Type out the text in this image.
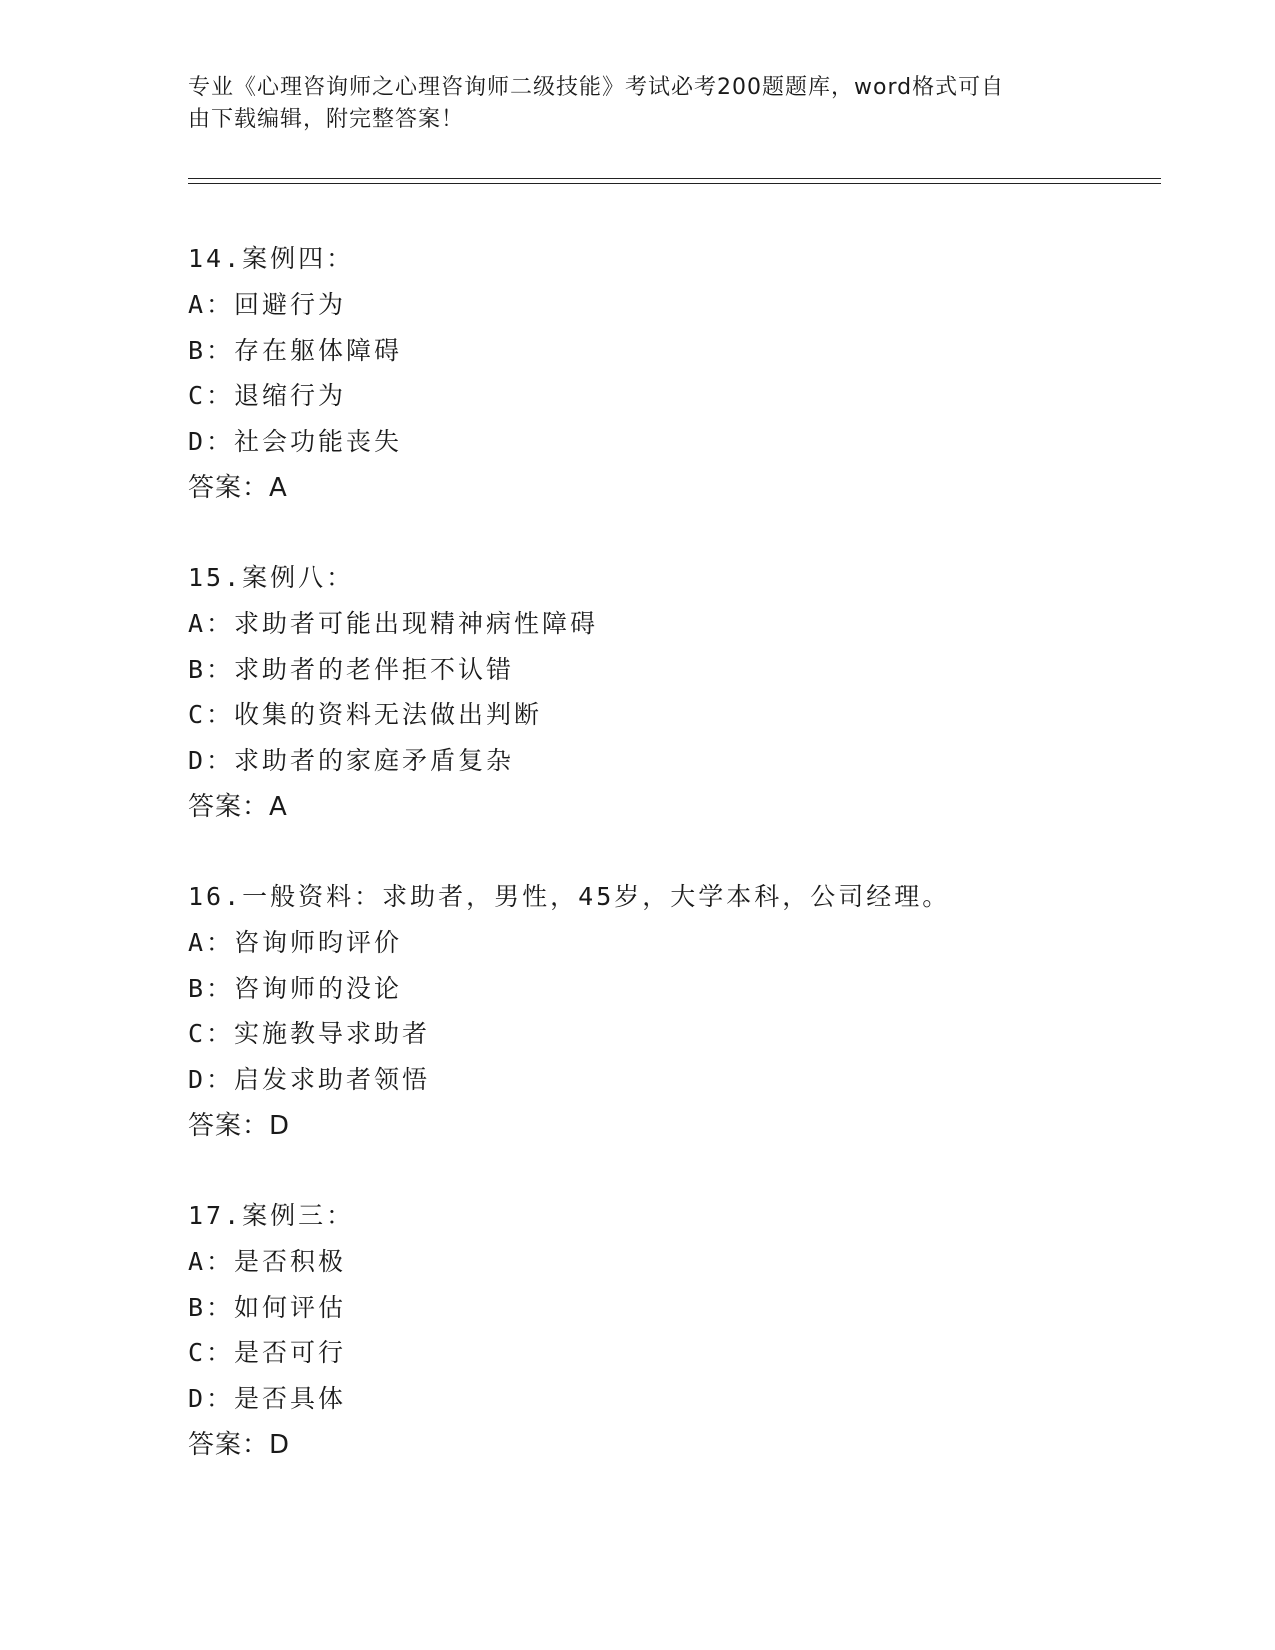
专业《心理咨询师之心理咨询师二级技能》考试必考200题题库，word格式可自
由下载编辑，附完整答案！
14.案例四：
A：回避行为
B：存在躯体障碍
C：退缩行为
D：社会功能丧失
答案：A
15.案例八：
A：求助者可能出现精神病性障碍
B：求助者的老伴拒不认错
C：收集的资料无法做出判断
D：求助者的家庭矛盾复杂
答案：A
16.一般资料：求助者，男性，45岁，大学本科，公司经理。
A：咨询师昀评价
B：咨询师的没论
C：实施教导求助者
D：启发求助者领悟
答案：D
17.案例三：
A：是否积极
B：如何评估
C：是否可行
D：是否具体
答案：D
